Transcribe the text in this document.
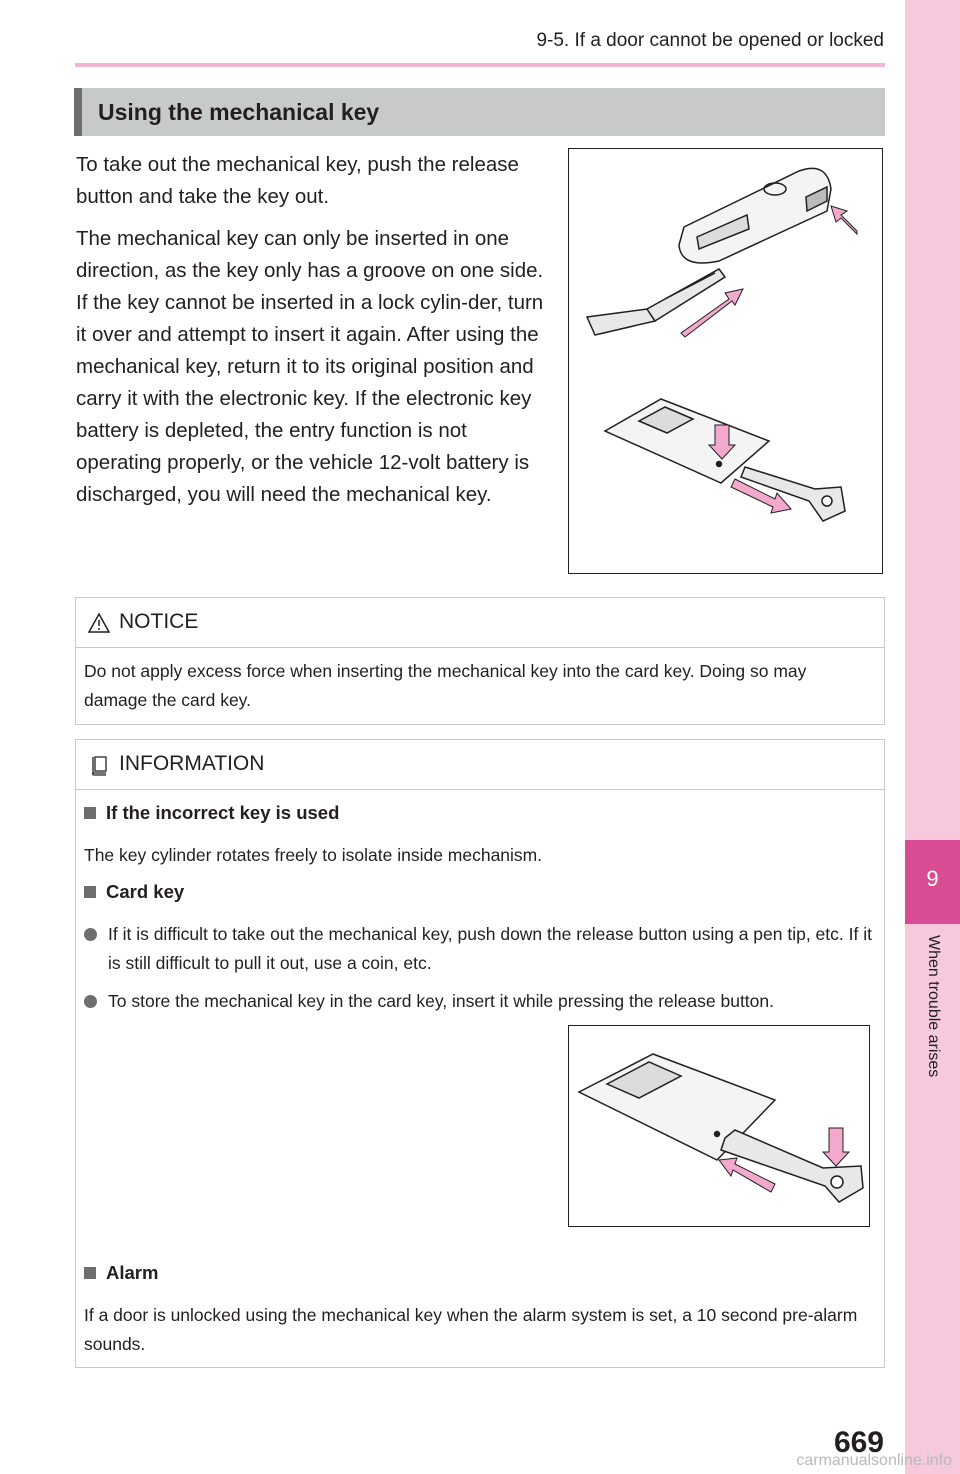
9-5. If a door cannot be opened or locked
9
When trouble arises
Using the mechanical key

To take out the mechanical key, push the release button and take the key out.

The mechanical key can only be inserted in one direction, as the key only has a groove on one side. If the key cannot be inserted in a lock cylin-der, turn it over and attempt to insert it again. After using the mechanical key, return it to its original position and carry it with the electronic key. If the electronic key battery is depleted, the entry function is not operating properly, or the vehicle 12-volt battery is discharged, you will need the mechanical key.

NOTICE

Do not apply excess force when inserting the mechanical key into the card key. Doing so may damage the card key.

INFORMATION
If the incorrect key is used

The key cylinder rotates freely to isolate inside mechanism.

Card key
If it is difficult to take out the mechanical key, push down the release button using a pen tip, etc. If it is still difficult to pull it out, use a coin, etc.
To store the mechanical key in the card key, insert it while pressing the release button.
Alarm

If a door is unlocked using the mechanical key when the alarm system is set, a 10 second pre-alarm sounds.

669
carmanualsonline.info
